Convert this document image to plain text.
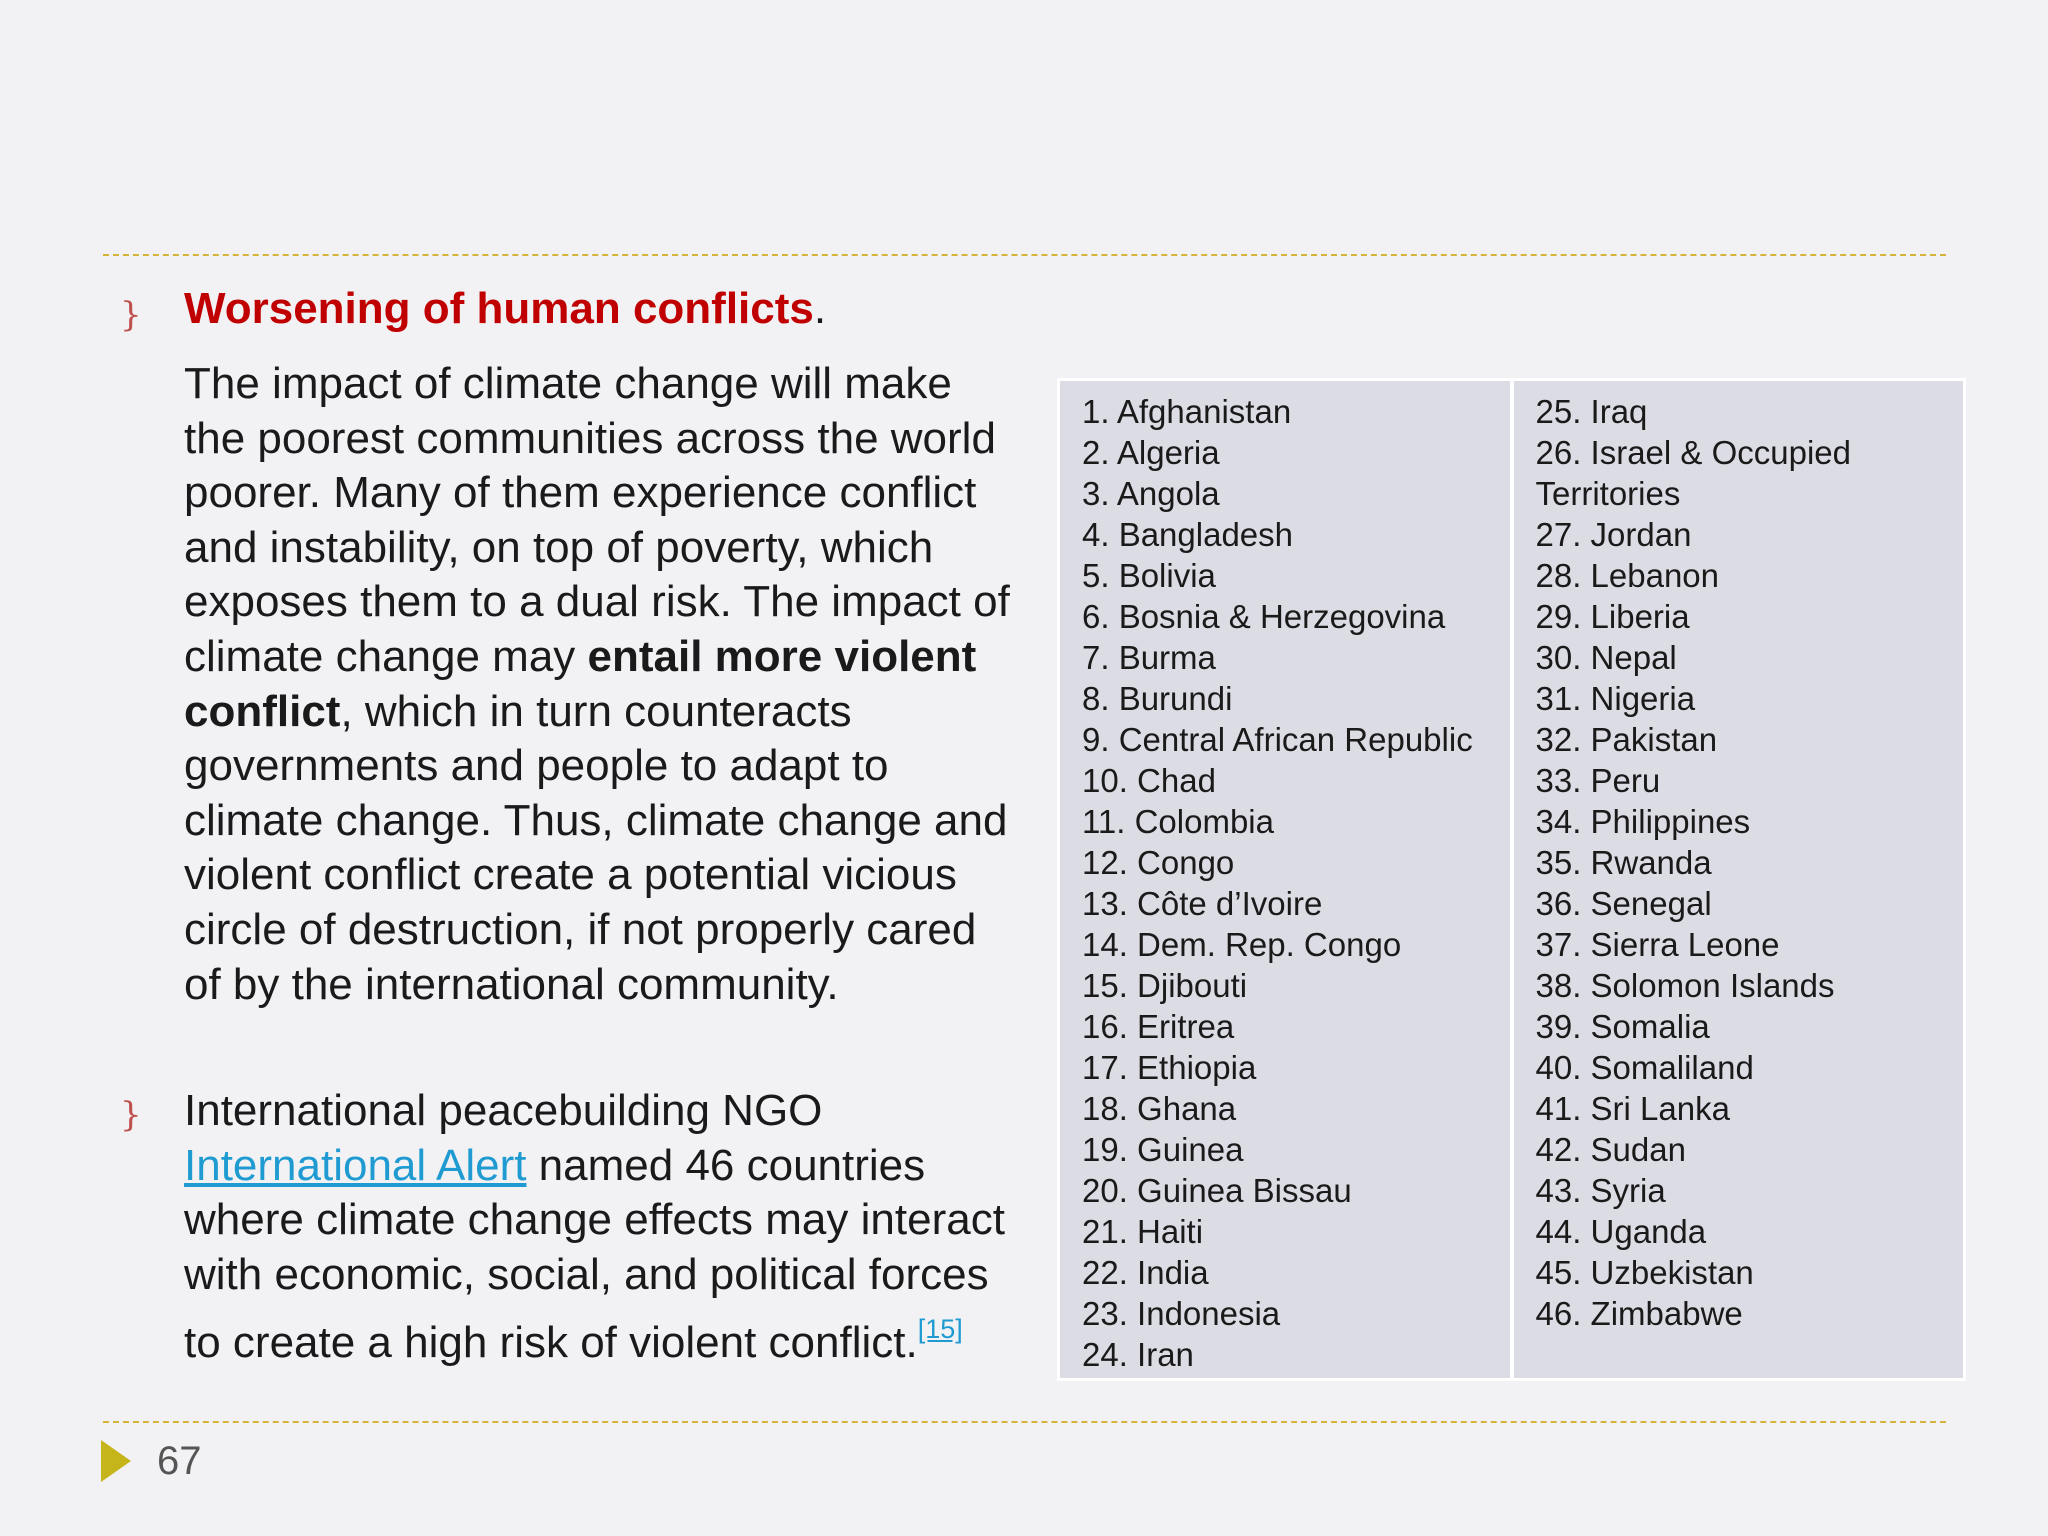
} Worsening of human conflicts.
The impact of climate change will make the poorest communities across the world poorer. Many of them experience conflict and instability, on top of poverty, which exposes them to a dual risk. The impact of climate change may entail more violent conflict, which in turn counteracts governments and people to adapt to climate change. Thus, climate change and violent conflict create a potential vicious circle of destruction, if not properly cared of by the international community.
} International peacebuilding NGO International Alert named 46 countries where climate change effects may interact with economic, social, and political forces to create a high risk of violent conflict.[15]
1. Afghanistan
2. Algeria
3. Angola
4. Bangladesh
5. Bolivia
6. Bosnia & Herzegovina
7. Burma
8. Burundi
9. Central African Republic
10. Chad
11. Colombia
12. Congo
13. Côte d’Ivoire
14. Dem. Rep. Congo
15. Djibouti
16. Eritrea
17. Ethiopia
18. Ghana
19. Guinea
20. Guinea Bissau
21. Haiti
22. India
23. Indonesia
24. Iran
25. Iraq
26. Israel & Occupied Territories
27. Jordan
28. Lebanon
29. Liberia
30. Nepal
31. Nigeria
32. Pakistan
33. Peru
34. Philippines
35. Rwanda
36. Senegal
37. Sierra Leone
38. Solomon Islands
39. Somalia
40. Somaliland
41. Sri Lanka
42. Sudan
43. Syria
44. Uganda
45. Uzbekistan
46. Zimbabwe
67
